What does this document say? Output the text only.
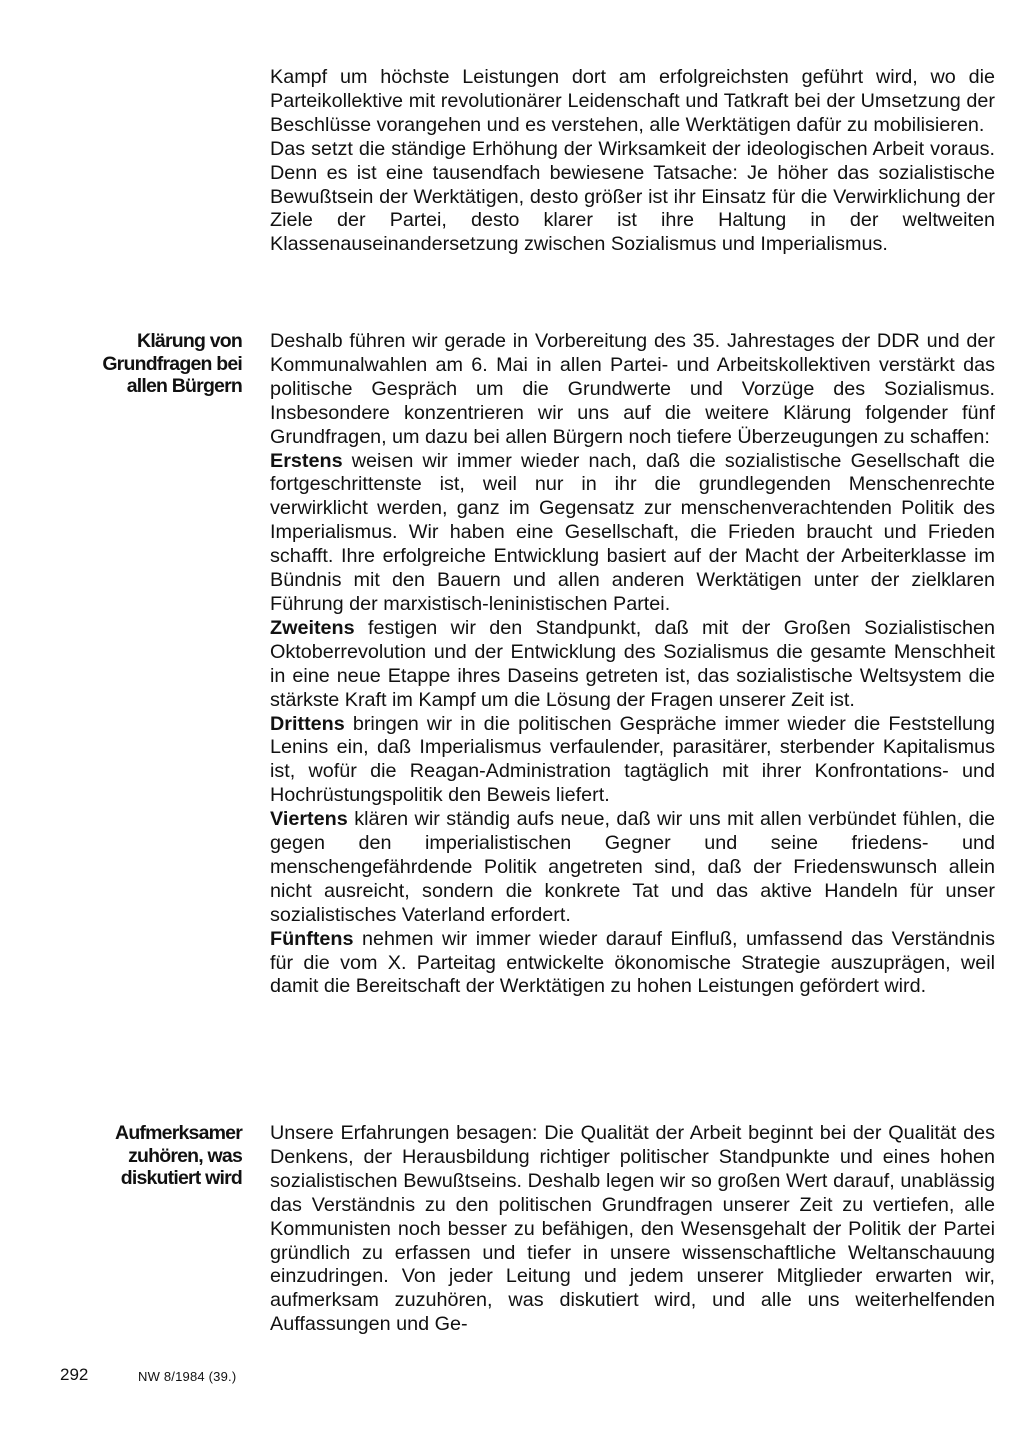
Kampf um höchste Leistungen dort am erfolgreichsten geführt wird, wo die Parteikollektive mit revolutionärer Leidenschaft und Tatkraft bei der Umsetzung der Beschlüsse vorangehen und es verstehen, alle Werktätigen dafür zu mobilisieren.

Das setzt die ständige Erhöhung der Wirksamkeit der ideologischen Arbeit voraus. Denn es ist eine tausendfach bewiesene Tatsache: Je höher das sozialistische Bewußtsein der Werktätigen, desto größer ist ihr Einsatz für die Verwirklichung der Ziele der Partei, desto klarer ist ihre Haltung in der weltweiten Klassenauseinandersetzung zwischen Sozialismus und Imperialismus.

Klärung von Grundfragen bei allen Bürgern

Deshalb führen wir gerade in Vorbereitung des 35. Jahrestages der DDR und der Kommunalwahlen am 6. Mai in allen Partei- und Arbeitskollektiven verstärkt das politische Gespräch um die Grundwerte und Vorzüge des Sozialismus. Insbesondere konzentrieren wir uns auf die weitere Klärung folgender fünf Grundfragen, um dazu bei allen Bürgern noch tiefere Überzeugungen zu schaffen:

Erstens weisen wir immer wieder nach, daß die sozialistische Gesellschaft die fortgeschrittenste ist, weil nur in ihr die grundlegenden Menschenrechte verwirklicht werden, ganz im Gegensatz zur menschenverachtenden Politik des Imperialismus. Wir haben eine Gesellschaft, die Frieden braucht und Frieden schafft. Ihre erfolgreiche Entwicklung basiert auf der Macht der Arbeiterklasse im Bündnis mit den Bauern und allen anderen Werktätigen unter der zielklaren Führung der marxistisch-leninistischen Partei.

Zweitens festigen wir den Standpunkt, daß mit der Großen Sozialistischen Oktoberrevolution und der Entwicklung des Sozialismus die gesamte Menschheit in eine neue Etappe ihres Daseins getreten ist, das sozialistische Weltsystem die stärkste Kraft im Kampf um die Lösung der Fragen unserer Zeit ist.

Drittens bringen wir in die politischen Gespräche immer wieder die Feststellung Lenins ein, daß Imperialismus verfaulender, parasitärer, sterbender Kapitalismus ist, wofür die Reagan-Administration tagtäglich mit ihrer Konfrontations- und Hochrüstungspolitik den Beweis liefert.

Viertens klären wir ständig aufs neue, daß wir uns mit allen verbündet fühlen, die gegen den imperialistischen Gegner und seine friedens- und menschengefährdende Politik angetreten sind, daß der Friedenswunsch allein nicht ausreicht, sondern die konkrete Tat und das aktive Handeln für unser sozialistisches Vaterland erfordert.

Fünftens nehmen wir immer wieder darauf Einfluß, umfassend das Verständnis für die vom X. Parteitag entwickelte ökonomische Strategie auszuprägen, weil damit die Bereitschaft der Werktätigen zu hohen Leistungen gefördert wird.

Aufmerksamer zuhören, was diskutiert wird

Unsere Erfahrungen besagen: Die Qualität der Arbeit beginnt bei der Qualität des Denkens, der Herausbildung richtiger politischer Standpunkte und eines hohen sozialistischen Bewußtseins. Deshalb legen wir so großen Wert darauf, unablässig das Verständnis zu den politischen Grundfragen unserer Zeit zu vertiefen, alle Kommunisten noch besser zu befähigen, den Wesensgehalt der Politik der Partei gründlich zu erfassen und tiefer in unsere wissenschaftliche Weltanschauung einzudringen. Von jeder Leitung und jedem unserer Mitglieder erwarten wir, aufmerksam zuzuhören, was diskutiert wird, und alle uns weiterhelfenden Auffassungen und Ge-

292	NW 8/1984 (39.)
